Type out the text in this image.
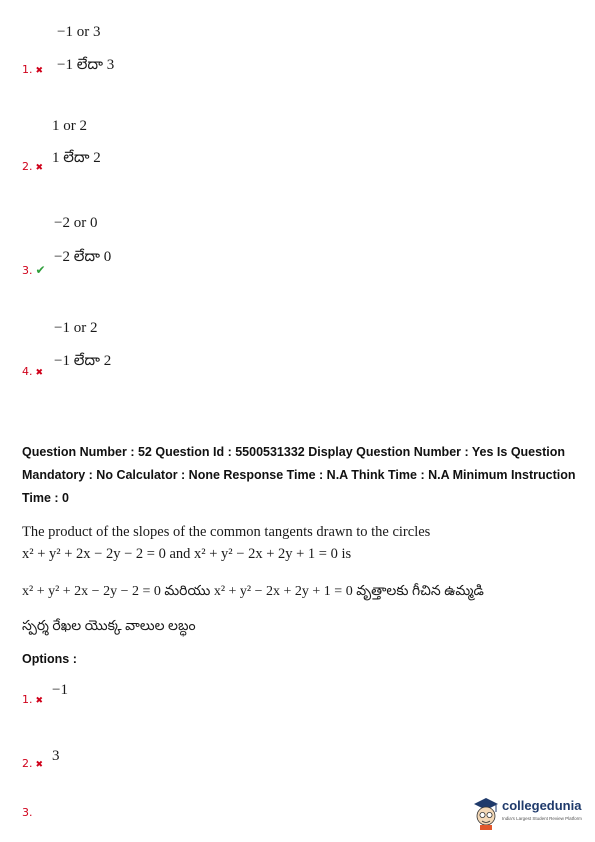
−1 or 3
1. ✖ −1 లేదా 3
1 or 2
2. ✖
1 లేదా 2
−2 or 0
3. ✔
−2 లేదా 0
−1 or 2
4. ✖
−1 లేదా 2
Question Number : 52 Question Id : 5500531332 Display Question Number : Yes Is Question
Mandatory : No Calculator : None Response Time : N.A Think Time : N.A Minimum Instruction
Time : 0
The product of the slopes of the common tangents drawn to the circles
x² + y² + 2x − 2y − 2 = 0 and x² + y² − 2x + 2y + 1 = 0 is
x² + y² + 2x − 2y − 2 = 0 మరియు x² + y² − 2x + 2y + 1 = 0 వృత్తాలకు గీచిన ఉమ్మడి
స్పర్శ రేఖల యొక్క వాలుల లబ్ధం
Options :
1. ✖
−1
2. ✖
3
3.	collegedunia
India's Largest Student Review Platform
